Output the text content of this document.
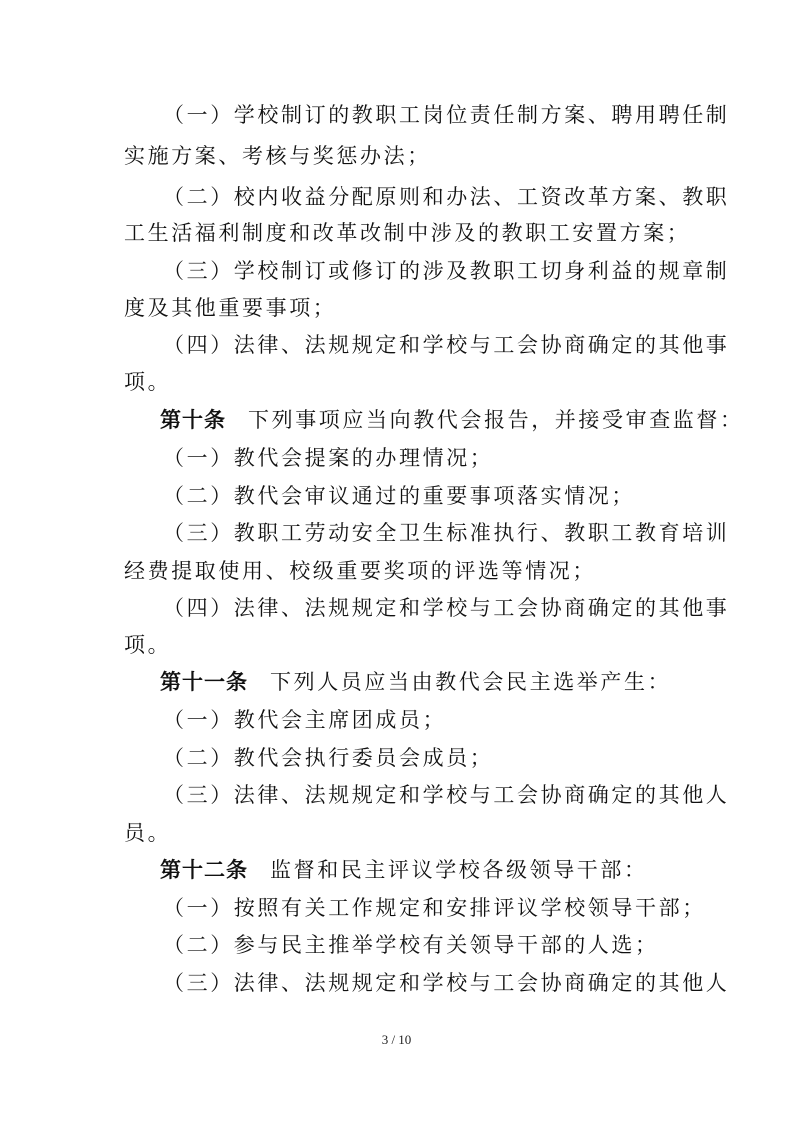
（一）学校制订的教职工岗位责任制方案、聘用聘任制
实施方案、考核与奖惩办法；
（二）校内收益分配原则和办法、工资改革方案、教职
工生活福利制度和改革改制中涉及的教职工安置方案；
（三）学校制订或修订的涉及教职工切身利益的规章制
度及其他重要事项；
（四）法律、法规规定和学校与工会协商确定的其他事
项。
第十条 下列事项应当向教代会报告，并接受审查监督：
（一）教代会提案的办理情况；
（二）教代会审议通过的重要事项落实情况；
（三）教职工劳动安全卫生标准执行、教职工教育培训
经费提取使用、校级重要奖项的评选等情况；
（四）法律、法规规定和学校与工会协商确定的其他事
项。
第十一条 下列人员应当由教代会民主选举产生：
（一）教代会主席团成员；
（二）教代会执行委员会成员；
（三）法律、法规规定和学校与工会协商确定的其他人
员。
第十二条 监督和民主评议学校各级领导干部：
（一）按照有关工作规定和安排评议学校领导干部；
（二）参与民主推举学校有关领导干部的人选；
（三）法律、法规规定和学校与工会协商确定的其他人
3 / 10
